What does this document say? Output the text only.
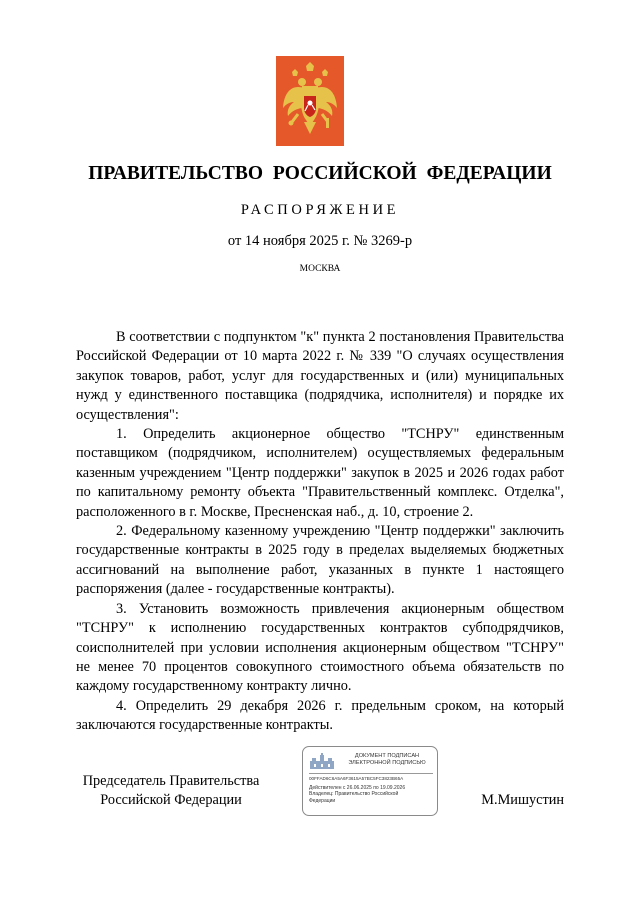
ПРАВИТЕЛЬСТВО РОССИЙСКОЙ ФЕДЕРАЦИИ
РАСПОРЯЖЕНИЕ
от 14 ноября 2025 г. № 3269-р
МОСКВА

В соответствии с подпунктом "к" пункта 2 постановления Правительства Российской Федерации от 10 марта 2022 г. № 339 "О случаях осуществления закупок товаров, работ, услуг для государственных и (или) муниципальных нужд у единственного поставщика (подрядчика, исполнителя) и порядке их осуществления":

1. Определить акционерное общество "ТСНРУ" единственным поставщиком (подрядчиком, исполнителем) осуществляемых федеральным казенным учреждением "Центр поддержки" закупок в 2025 и 2026 годах работ по капитальному ремонту объекта "Правительственный комплекс. Отделка", расположенного в г. Москве, Пресненская наб., д. 10, строение 2.

2. Федеральному казенному учреждению "Центр поддержки" заключить государственные контракты в 2025 году в пределах выделяемых бюджетных ассигнований на выполнение работ, указанных в пункте 1 настоящего распоряжения (далее - государственные контракты).

3. Установить возможность привлечения акционерным обществом "ТСНРУ" к исполнению государственных контрактов субподрядчиков, соисполнителей при условии исполнения акционерным обществом "ТСНРУ" не менее 70 процентов совокупного стоимостного объема обязательств по каждому государственному контракту лично.

4. Определить 29 декабря 2026 г. предельным сроком, на который заключаются государственные контракты.

Председатель Правительства
Российской Федерации
ДОКУМЕНТ ПОДПИСАН
ЭЛЕКТРОННОЙ ПОДПИСЬЮ
00FFAD6C6A5A6F3615A57BC5FC3823B65A
Действителен с 26.06.2025 по 19.09.2026
Владелец: Правительство Российской
Федерации	М.Мишустин
